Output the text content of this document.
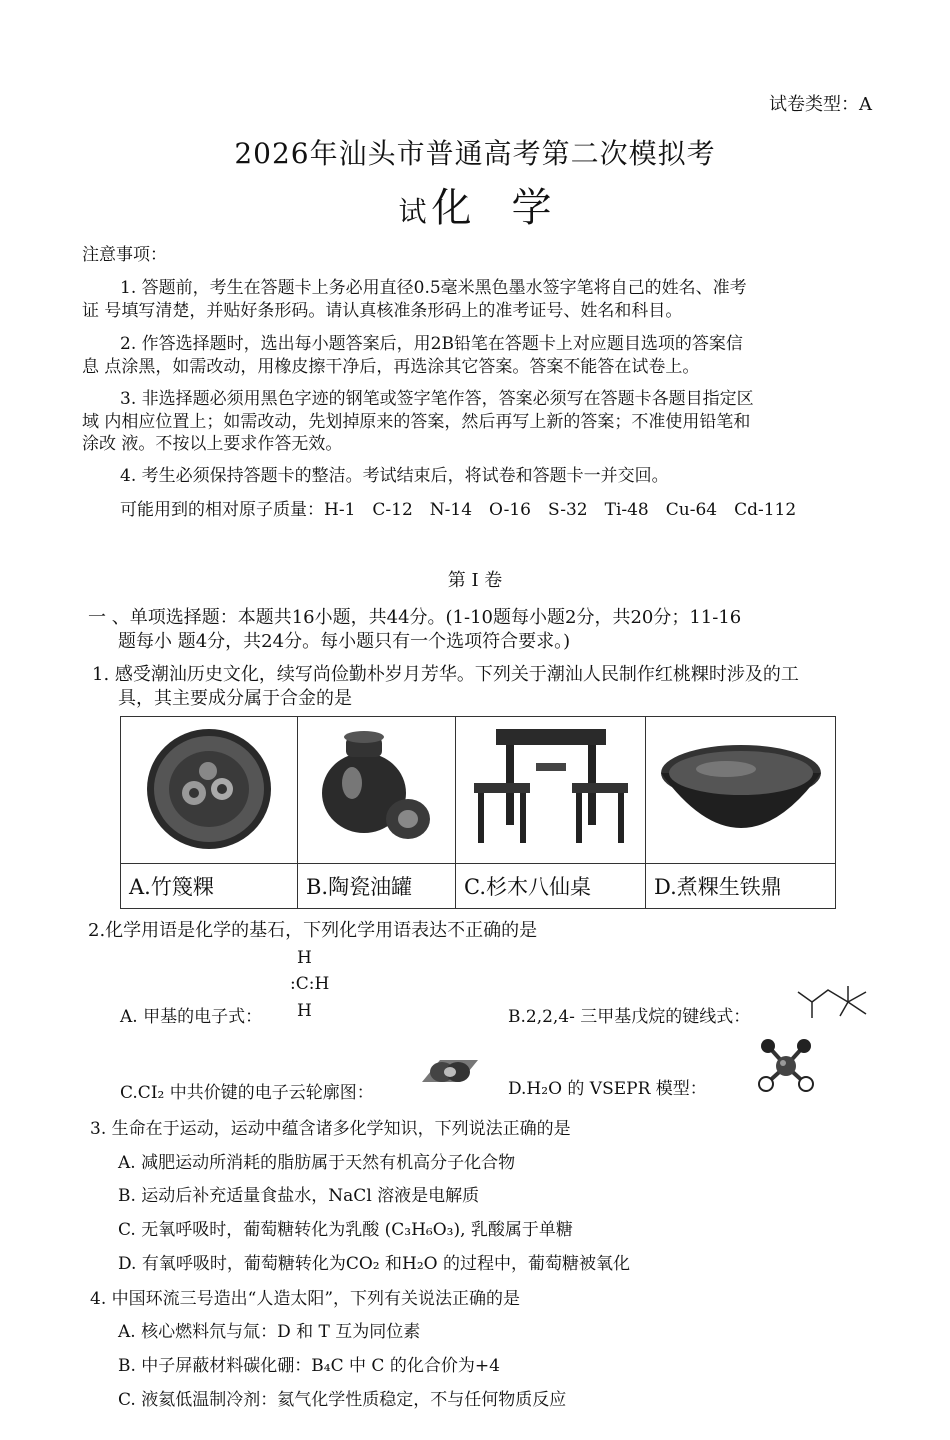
试卷类型：A
2026年汕头市普通高考第二次模拟考
试 化　学
注意事项：
1. 答题前，考生在答题卡上务必用直径0.5毫米黑色墨水签字笔将自己的姓名、准考
证 号填写清楚，并贴好条形码。请认真核准条形码上的准考证号、姓名和科目。
2. 作答选择题时，选出每小题答案后，用2B铅笔在答题卡上对应题目选项的答案信
息 点涂黑，如需改动，用橡皮擦干净后，再选涂其它答案。答案不能答在试卷上。
3. 非选择题必须用黑色字迹的钢笔或签字笔作答，答案必须写在答题卡各题目指定区
域 内相应位置上；如需改动，先划掉原来的答案，然后再写上新的答案；不准使用铅笔和
涂改 液。不按以上要求作答无效。
4. 考生必须保持答题卡的整洁。考试结束后，将试卷和答题卡一并交回。
可能用到的相对原子质量：H-1　C-12　N-14　O-16　S-32　Ti-48　Cu-64　Cd-112
第 I 卷
一 、单项选择题：本题共16小题，共44分。(1-10题每小题2分，共20分；11-16
题每小 题4分，共24分。每小题只有一个选项符合要求。)
1. 感受潮汕历史文化，续写尚俭勤朴岁月芳华。下列关于潮汕人民制作红桃粿时涉及的工
具，其主要成分属于合金的是

A.竹篾粿	B.陶瓷油罐	C.杉木八仙桌	D.煮粿生铁鼎
2.化学用语是化学的基石，下列化学用语表达不正确的是
A. 甲基的电子式：
H
:C:H
H	B.2,2,4- 三甲基戊烷的键线式：
C.CI₂ 中共价键的电子云轮廓图：	D.H₂O 的 VSEPR 模型：
3. 生命在于运动，运动中蕴含诸多化学知识，下列说法正确的是
A. 减肥运动所消耗的脂肪属于天然有机高分子化合物
B. 运动后补充适量食盐水，NaCl 溶液是电解质
C. 无氧呼吸时，葡萄糖转化为乳酸 (C₃H₆O₃), 乳酸属于单糖
D. 有氧呼吸时，葡萄糖转化为CO₂ 和H₂O 的过程中，葡萄糖被氧化
4. 中国环流三号造出“人造太阳”，下列有关说法正确的是
A. 核心燃料氘与氚：D 和 T 互为同位素
B. 中子屏蔽材料碳化硼：B₄C 中 C 的化合价为+4
C. 液氦低温制冷剂：氦气化学性质稳定，不与任何物质反应
